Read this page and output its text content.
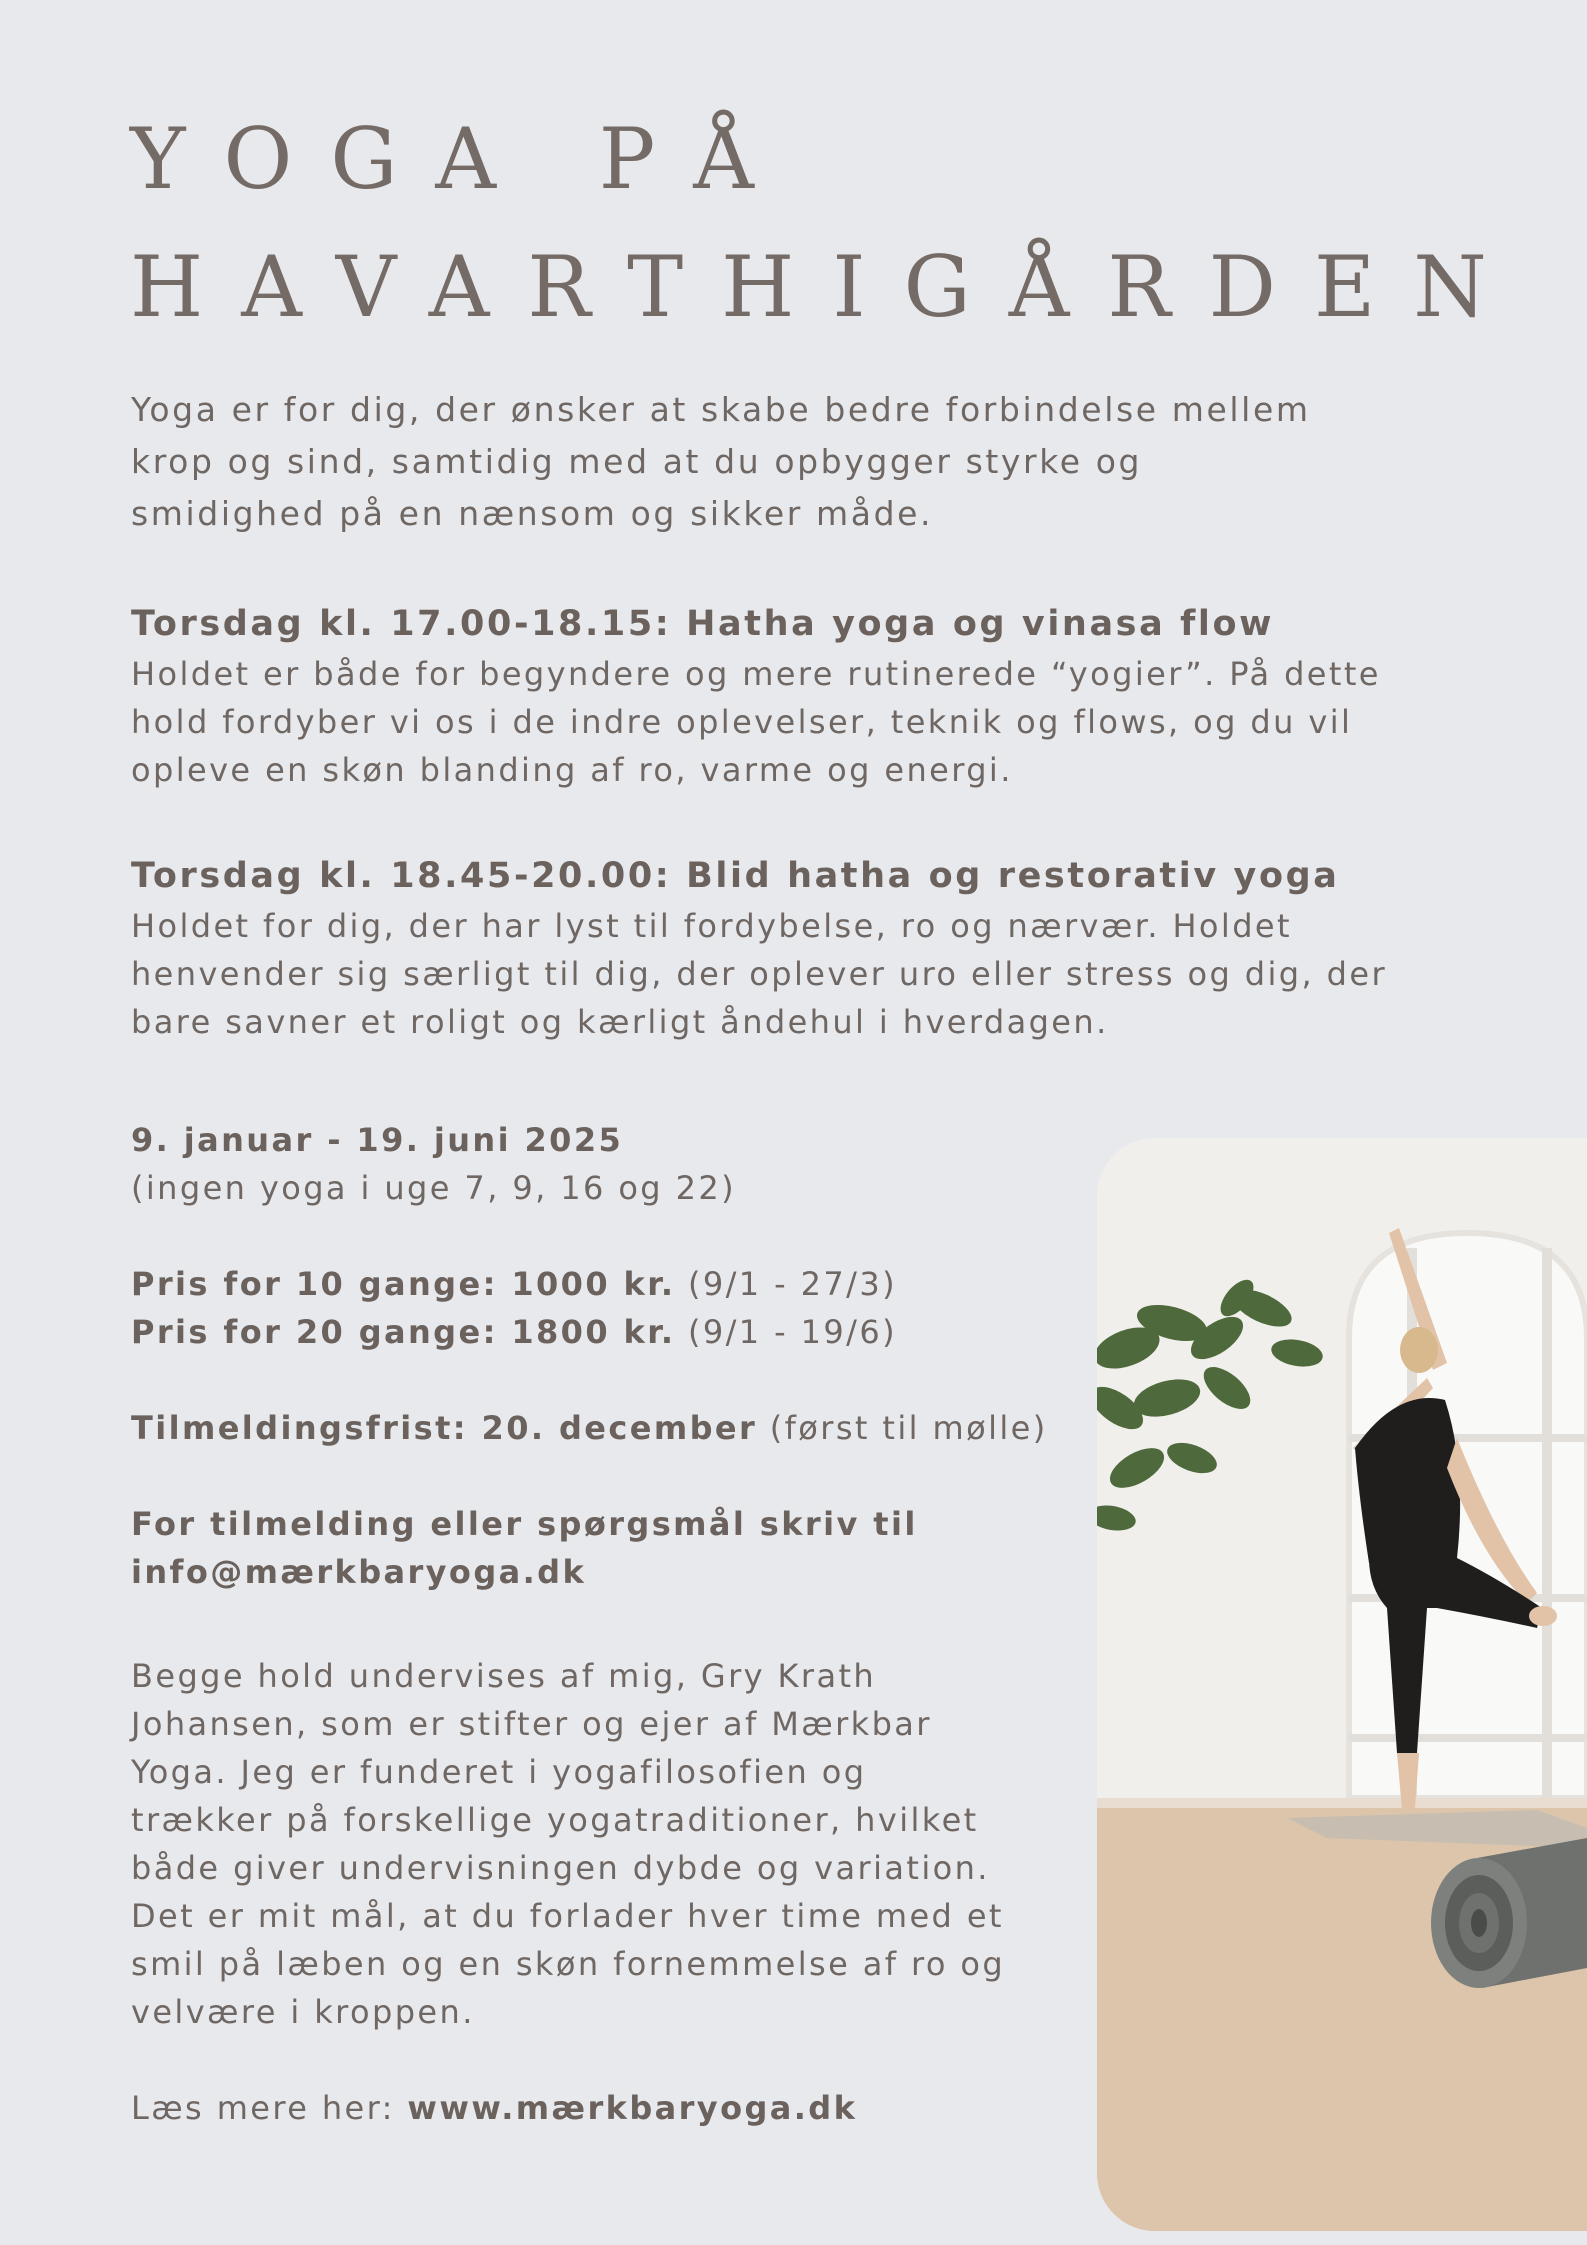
YOGA PÅ
HAVARTHIGÅRDEN
Yoga er for dig, der ønsker at skabe bedre forbindelse mellem
krop og sind, samtidig med at du opbygger styrke og
smidighed på en nænsom og sikker måde.
Torsdag kl. 17.00-18.15: Hatha yoga og vinasa flow
Holdet er både for begyndere og mere rutinerede “yogier”. På dette
hold fordyber vi os i de indre oplevelser, teknik og flows, og du vil
opleve en skøn blanding af ro, varme og energi.
Torsdag kl. 18.45-20.00: Blid hatha og restorativ yoga
Holdet for dig, der har lyst til fordybelse, ro og nærvær. Holdet
henvender sig særligt til dig, der oplever uro eller stress og dig, der
bare savner et roligt og kærligt åndehul i hverdagen.
9. januar - 19. juni 2025
(ingen yoga i uge 7, 9, 16 og 22)
Pris for 10 gange: 1000 kr. (9/1 - 27/3)
Pris for 20 gange: 1800 kr. (9/1 - 19/6)
Tilmeldingsfrist: 20. december (først til mølle)
For tilmelding eller spørgsmål skriv til
info@mærkbaryoga.dk
Begge hold undervises af mig, Gry Krath
Johansen, som er stifter og ejer af Mærkbar
Yoga. Jeg er funderet i yogafilosofien og
trækker på forskellige yogatraditioner, hvilket
både giver undervisningen dybde og variation.
Det er mit mål, at du forlader hver time med et
smil på læben og en skøn fornemmelse af ro og
velvære i kroppen.
Læs mere her: www.mærkbaryoga.dk
